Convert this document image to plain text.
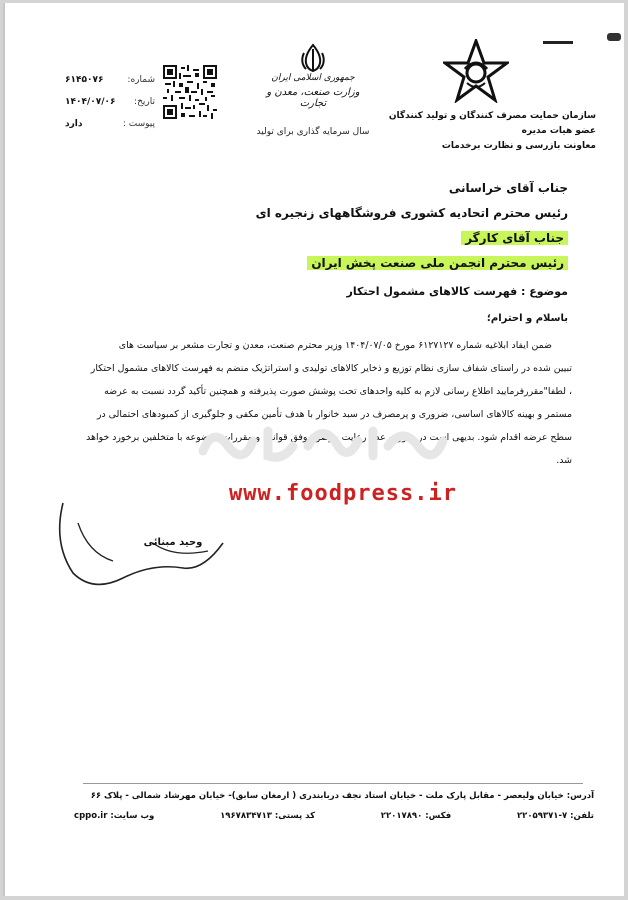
سازمان حمایت مصرف کنندگان و تولید کنندگان
عضو هیات مدیره
معاونت بازرسی و نظارت برخدمات
جمهوری اسلامی ایران
وزارت صنعت، معدن و تجارت
سال سرمایه گذاری برای تولید
شماره:
۶۱۴۵۰۷۶
تاریخ:
۱۴۰۴/۰۷/۰۶
پیوست :
دارد
جناب آقای خراسانی
رئیس محترم اتحادیه کشوری فروشگاههای زنجیره ای
جناب آقای کارگر
رئیس محترم انجمن ملی صنعت پخش ایران
موضوع : فهرست کالاهای مشمول احتکار
باسلام و احترام؛

ضمن ایفاد ابلاغیه شماره ۶۱۲۷۱۲۷ مورخ ۱۴۰۴/۰۷/۰۵ وزیر محترم صنعت، معدن و تجارت مشعر بر سیاست های

تبیین شده در راستای شفاف سازی نظام توزیع و ذخایر کالاهای تولیدی و استراتژیک منضم به فهرست کالاهای مشمول احتکار

، لطفا"مقررفرمایید اطلاع رسانی لازم به کلیه واحدهای تحت پوشش صورت پذیرفته و همچنین تأکید گردد نسبت به عرضه

مستمر و بهینه کالاهای اساسی، ضروری و پرمصرف در سبد خانوار با هدف تأمین مکفی و جلوگیری از کمبودهای احتمالی در

سطح عرضه اقدام شود. بدیهی است در صورت عدم رعایت موضوع وفق قوانین و مقررات موضوعه با متخلفین برخورد خواهد

شد.

www.foodpress.ir
وحید مبنائی
آدرس: خیابان ولیعصر - مقابل پارک ملت - خیابان استاد نجف دربابندری ( ارمغان سابق)- خیابان مهرشاد شمالی - پلاک ۶۶
تلفن: ۷-۲۲۰۵۹۳۷۱
فکس: ۲۲۰۱۷۸۹۰
کد پستی: ۱۹۶۷۸۳۴۷۱۳
وب سایت: cppo.ir
